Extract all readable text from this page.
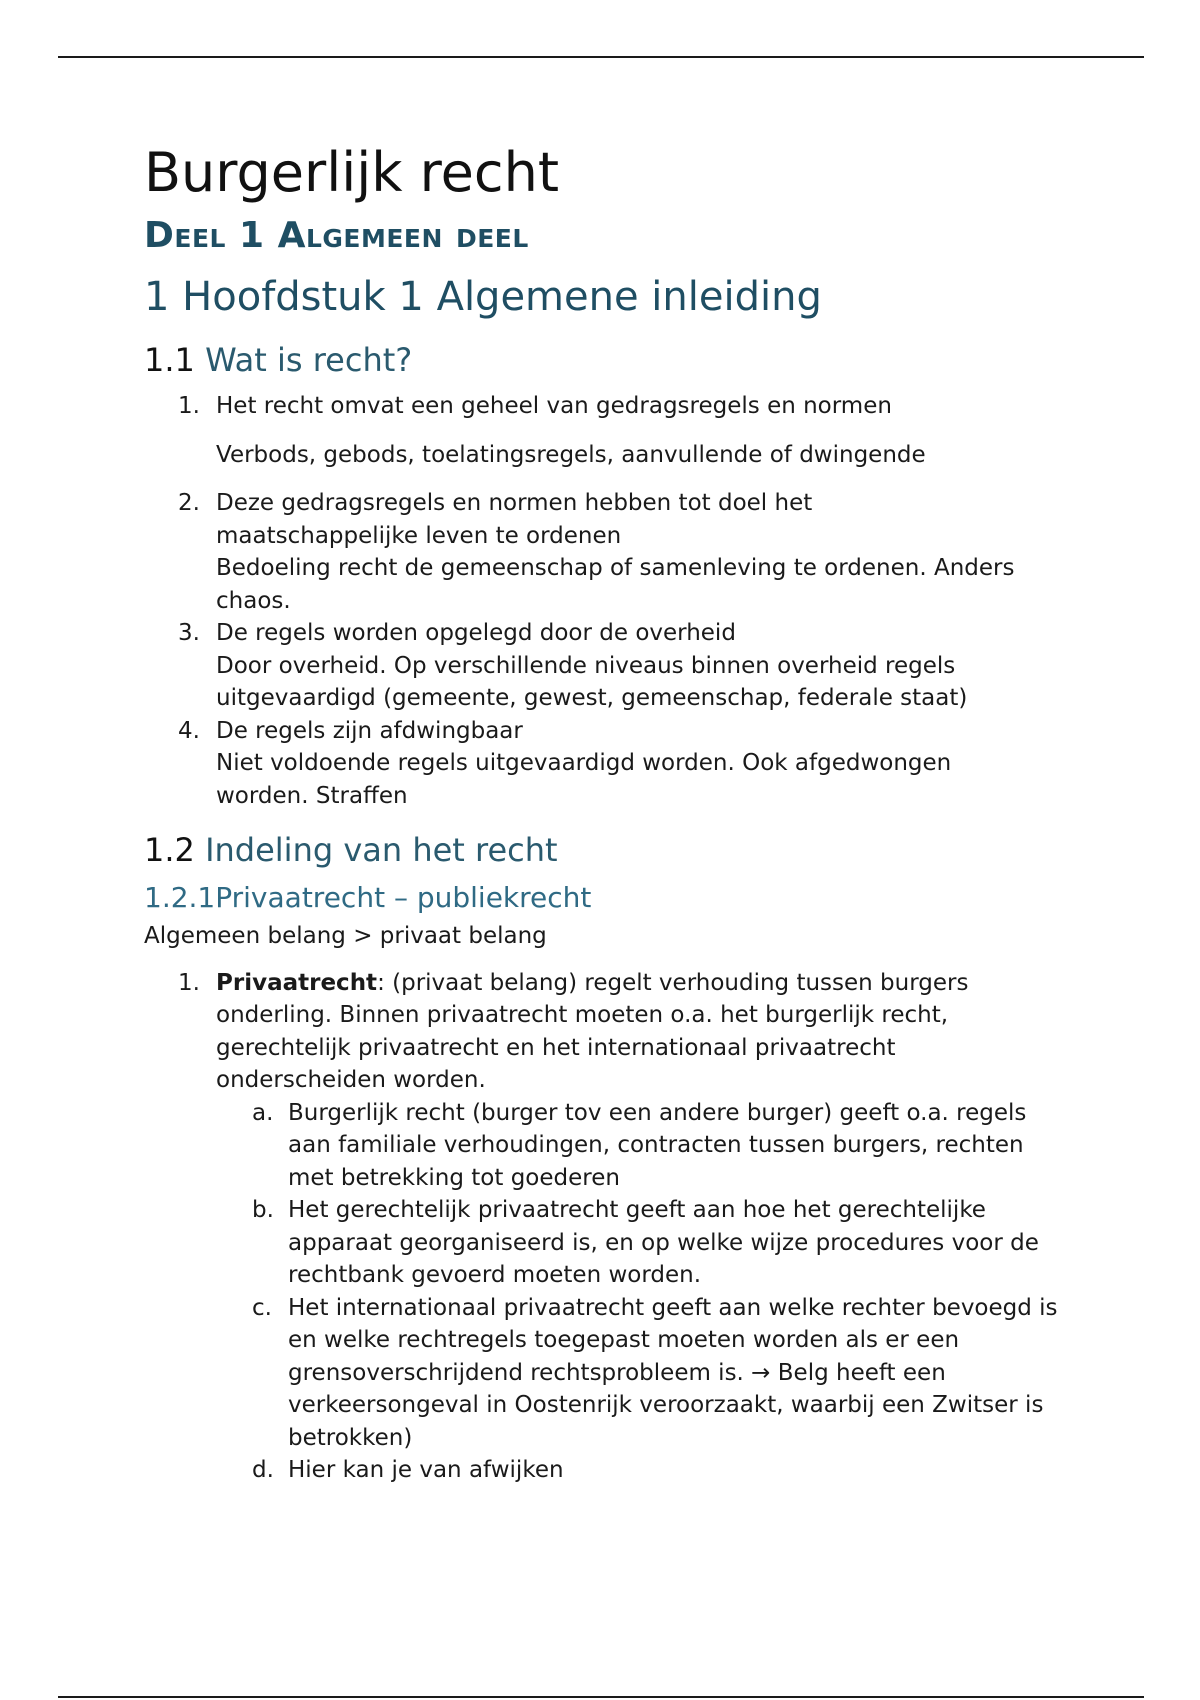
Burgerlijk recht
Deel 1 Algemeen deel
1 Hoofdstuk 1 Algemene inleiding
1.1 Wat is recht?
1. Het recht omvat een geheel van gedragsregels en normen
Verbods, gebods, toelatingsregels, aanvullende of dwingende
2. Deze gedragsregels en normen hebben tot doel het maatschappelijke leven te ordenen
Bedoeling recht de gemeenschap of samenleving te ordenen. Anders chaos.
3. De regels worden opgelegd door de overheid
Door overheid. Op verschillende niveaus binnen overheid regels uitgevaardigd (gemeente, gewest, gemeenschap, federale staat)
4. De regels zijn afdwingbaar
Niet voldoende regels uitgevaardigd worden. Ook afgedwongen worden. Straffen
1.2 Indeling van het recht
1.2.1Privaatrecht – publiekrecht

Algemeen belang > privaat belang

1. Privaatrecht: (privaat belang) regelt verhouding tussen burgers onderling. Binnen privaatrecht moeten o.a. het burgerlijk recht, gerechtelijk privaatrecht en het internationaal privaatrecht onderscheiden worden.
a. Burgerlijk recht (burger tov een andere burger) geeft o.a. regels aan familiale verhoudingen, contracten tussen burgers, rechten met betrekking tot goederen
b. Het gerechtelijk privaatrecht geeft aan hoe het gerechtelijke apparaat georganiseerd is, en op welke wijze procedures voor de rechtbank gevoerd moeten worden.
c. Het internationaal privaatrecht geeft aan welke rechter bevoegd is en welke rechtregels toegepast moeten worden als er een grensoverschrijdend rechtsprobleem is. → Belg heeft een verkeersongeval in Oostenrijk veroorzaakt, waarbij een Zwitser is betrokken)
d. Hier kan je van afwijken
